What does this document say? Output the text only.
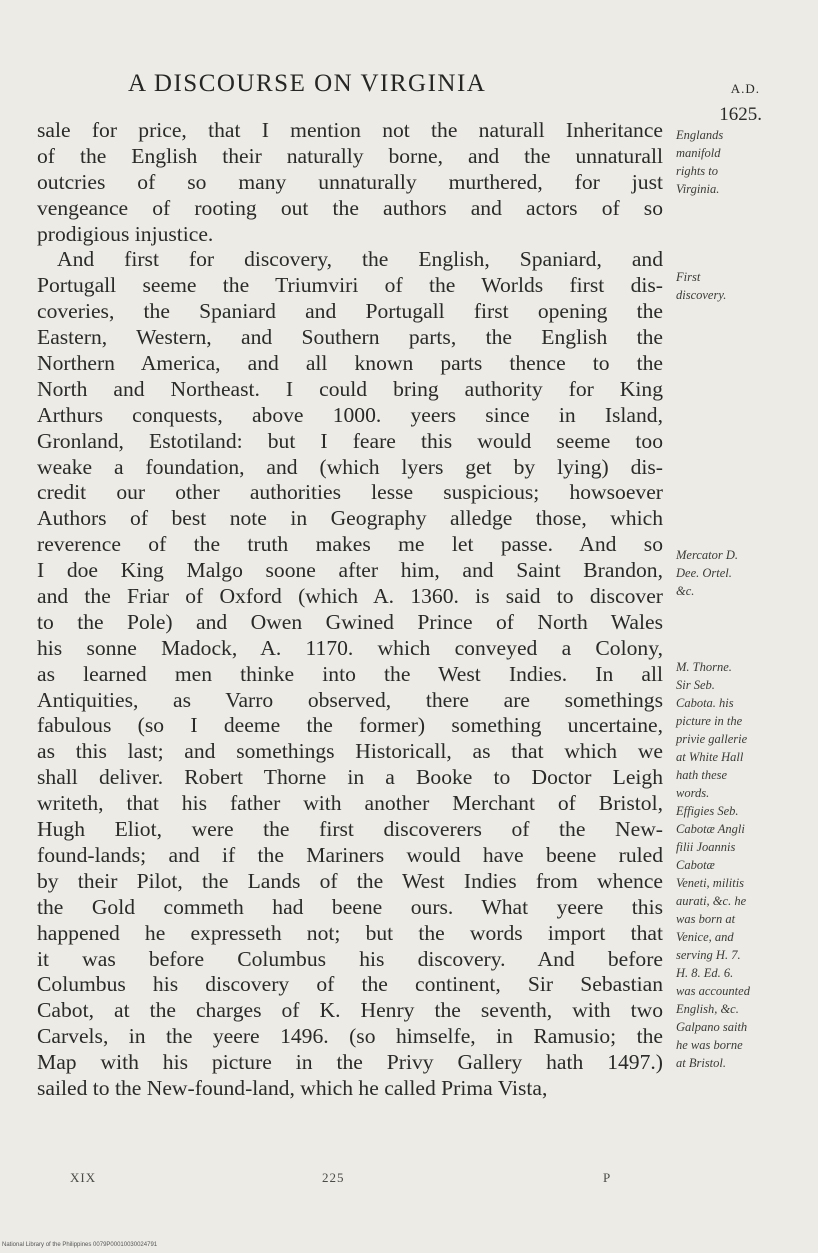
A DISCOURSE ON VIRGINIA	A.D.
1625.
sale for price, that I mention not the naturall Inheritance
of the English their naturally borne, and the unnaturall
outcries of so many unnaturally murthered, for just
vengeance of rooting out the authors and actors of so
prodigious injustice.
And first for discovery, the English, Spaniard, and
Portugall seeme the Triumviri of the Worlds first dis-
coveries, the Spaniard and Portugall first opening the
Eastern, Western, and Southern parts, the English the
Northern America, and all known parts thence to the
North and Northeast. I could bring authority for King
Arthurs conquests, above 1000. yeers since in Island,
Gronland, Estotiland: but I feare this would seeme too
weake a foundation, and (which lyers get by lying) dis-
credit our other authorities lesse suspicious; howsoever
Authors of best note in Geography alledge those, which
reverence of the truth makes me let passe. And so
I doe King Malgo soone after him, and Saint Brandon,
and the Friar of Oxford (which A. 1360. is said to discover
to the Pole) and Owen Gwined Prince of North Wales
his sonne Madock, A. 1170. which conveyed a Colony,
as learned men thinke into the West Indies. In all
Antiquities, as Varro observed, there are somethings
fabulous (so I deeme the former) something uncertaine,
as this last; and somethings Historicall, as that which we
shall deliver. Robert Thorne in a Booke to Doctor Leigh
writeth, that his father with another Merchant of Bristol,
Hugh Eliot, were the first discoverers of the New-
found-lands; and if the Mariners would have beene ruled
by their Pilot, the Lands of the West Indies from whence
the Gold commeth had beene ours. What yeere this
happened he expresseth not; but the words import that
it was before Columbus his discovery. And before
Columbus his discovery of the continent, Sir Sebastian
Cabot, at the charges of K. Henry the seventh, with two
Carvels, in the yeere 1496. (so himselfe, in Ramusio; the
Map with his picture in the Privy Gallery hath 1497.)
sailed to the New-found-land, which he called Prima Vista,
Englands
manifold
rights to
Virginia.
First
discovery.
Mercator D.
Dee. Ortel.
&c.
M. Thorne.
Sir Seb.
Cabota. his
picture in the
privie gallerie
at White Hall
hath these
words.
Effigies Seb.
Cabotæ Angli
filii Joannis
Cabotæ
Veneti, militis
aurati, &c. he
was born at
Venice, and
serving H. 7.
H. 8. Ed. 6.
was accounted
English, &c.
Galpano saith
he was borne
at Bristol.
XIX	225	P
National Library of the Philippines 0079P00010030024791
